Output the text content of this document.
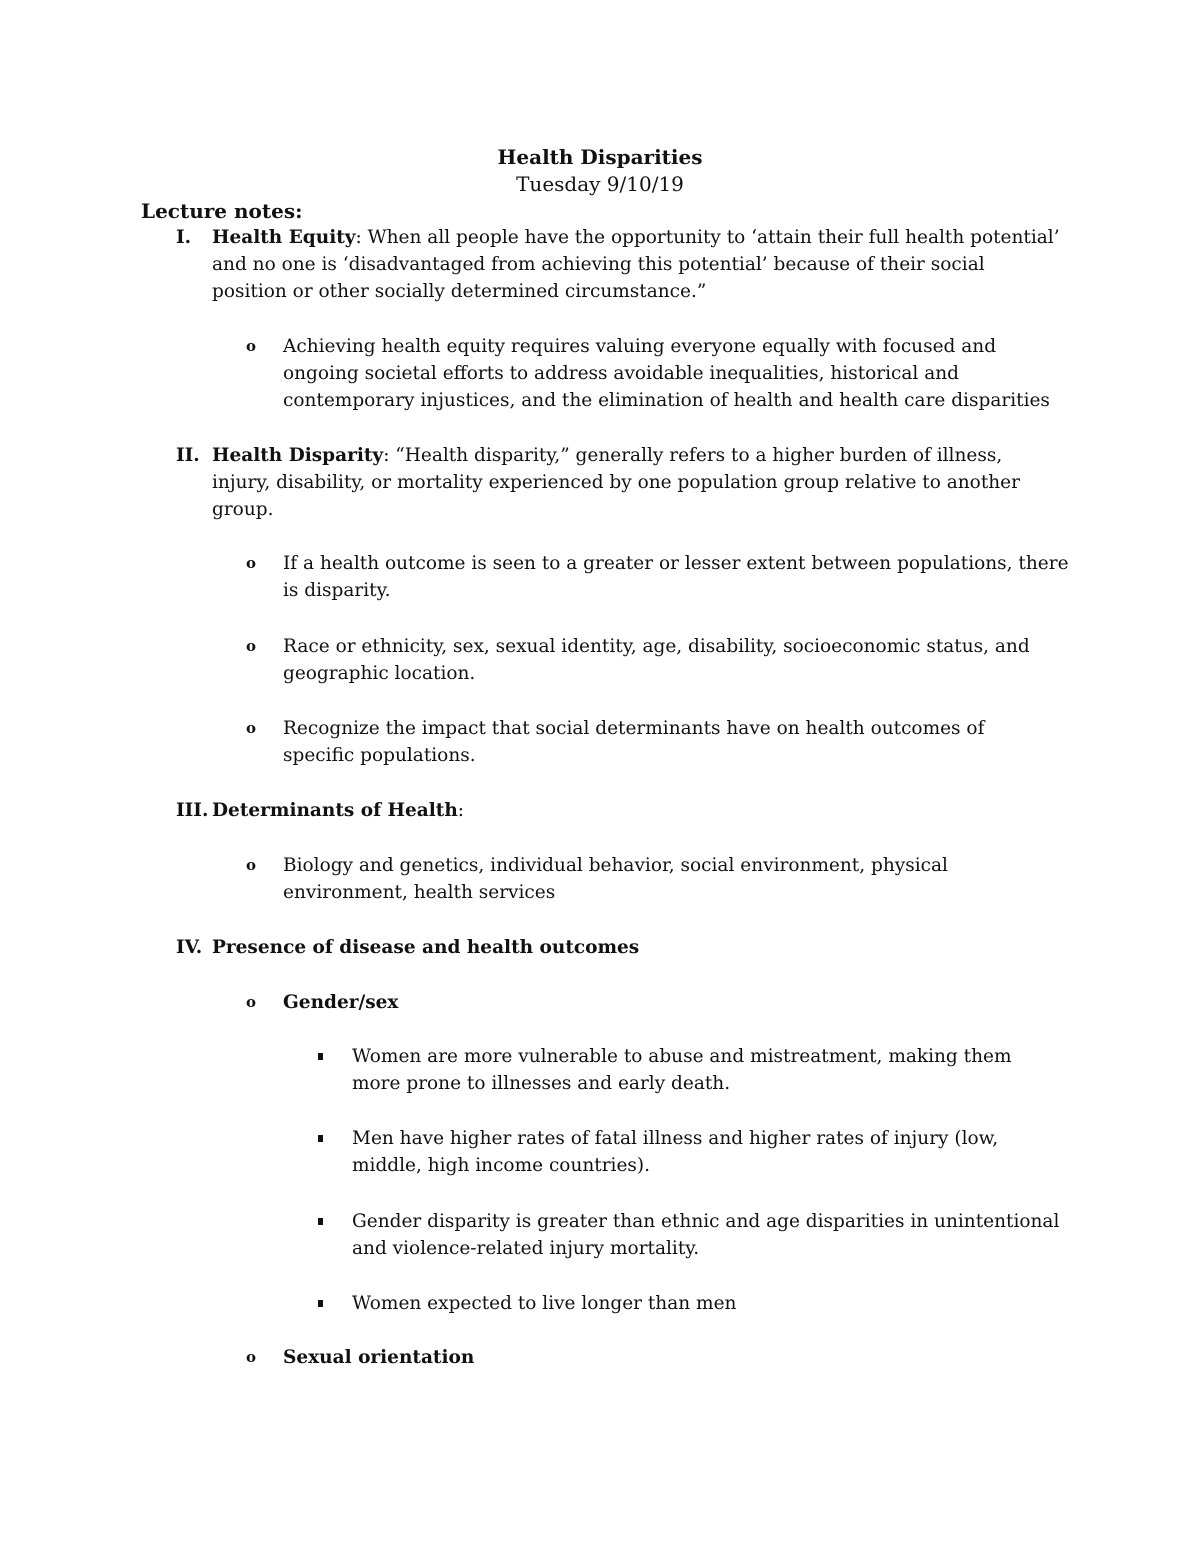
Health Disparities
Tuesday 9/10/19
Lecture notes:
I. Health Equity: When all people have the opportunity to ‘attain their full health potential’
and no one is ‘disadvantaged from achieving this potential’ because of their social
position or other socially determined circumstance.”
o Achieving health equity requires valuing everyone equally with focused and
ongoing societal efforts to address avoidable inequalities, historical and
contemporary injustices, and the elimination of health and health care disparities
II. Health Disparity: “Health disparity,” generally refers to a higher burden of illness,
injury, disability, or mortality experienced by one population group relative to another
group.
o If a health outcome is seen to a greater or lesser extent between populations, there
is disparity.
o Race or ethnicity, sex, sexual identity, age, disability, socioeconomic status, and
geographic location.
o Recognize the impact that social determinants have on health outcomes of
specific populations.
III. Determinants of Health:
o Biology and genetics, individual behavior, social environment, physical
environment, health services
IV. Presence of disease and health outcomes
o Gender/sex
Women are more vulnerable to abuse and mistreatment, making them
more prone to illnesses and early death.
Men have higher rates of fatal illness and higher rates of injury (low,
middle, high income countries).
Gender disparity is greater than ethnic and age disparities in unintentional
and violence-related injury mortality.
Women expected to live longer than men
o Sexual orientation
